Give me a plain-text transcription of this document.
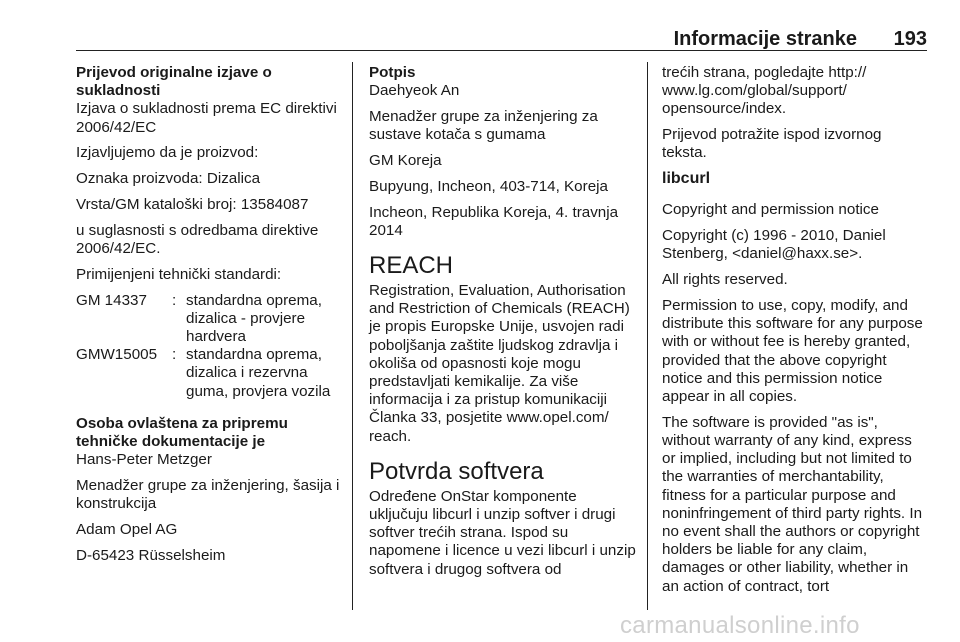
Informacije stranke 193

Prijevod originalne izjave o sukladnosti

Izjava o sukladnosti prema EC direktivi 2006/42/EC

Izjavljujemo da je proizvod:

Oznaka proizvoda: Dizalica

Vrsta/GM kataloški broj: 13584087

u suglasnosti s odredbama direktive 2006/42/EC.

Primijenjeni tehnički standardi:

GM 14337	: standardna oprema, dizalica - provjere hardvera
GMW15005 : standardna oprema, dizalica i rezervna guma, provjera vozila

Osoba ovlaštena za pripremu tehničke dokumentacije je

Hans-Peter Metzger

Menadžer grupe za inženjering, šasija i konstrukcija

Adam Opel AG

D-65423 Rüsselsheim

Potpis

Daehyeok An

Menadžer grupe za inženjering za sustave kotača s gumama

GM Koreja

Bupyung, Incheon, 403-714, Koreja

Incheon, Republika Koreja, 4. travnja 2014

REACH

Registration, Evaluation, Authorisation and Restriction of Chemicals (REACH) je propis Europske Unije, usvojen radi poboljšanja zaštite ljudskog zdravlja i okoliša od opasnosti koje mogu predstavljati kemikalije. Za više informacija i za pristup komunikaciji Članka 33, posjetite www.opel.com/ reach.

Potvrda softvera

Određene OnStar komponente uključuju libcurl i unzip softver i drugi softver trećih strana. Ispod su napomene i licence u vezi libcurl i unzip softvera i drugog softvera od

trećih strana, pogledajte http:// www.lg.com/global/support/ opensource/index.

Prijevod potražite ispod izvornog teksta.

libcurl

Copyright and permission notice

Copyright (c) 1996 - 2010, Daniel Stenberg, <daniel@haxx.se>.

All rights reserved.

Permission to use, copy, modify, and distribute this software for any purpose with or without fee is hereby granted, provided that the above copyright notice and this permission notice appear in all copies.

The software is provided "as is", without warranty of any kind, express or implied, including but not limited to the warranties of merchantability, fitness for a particular purpose and noninfringement of third party rights. In no event shall the authors or copyright holders be liable for any claim, damages or other liability, whether in an action of contract, tort

carmanualsonline.info
